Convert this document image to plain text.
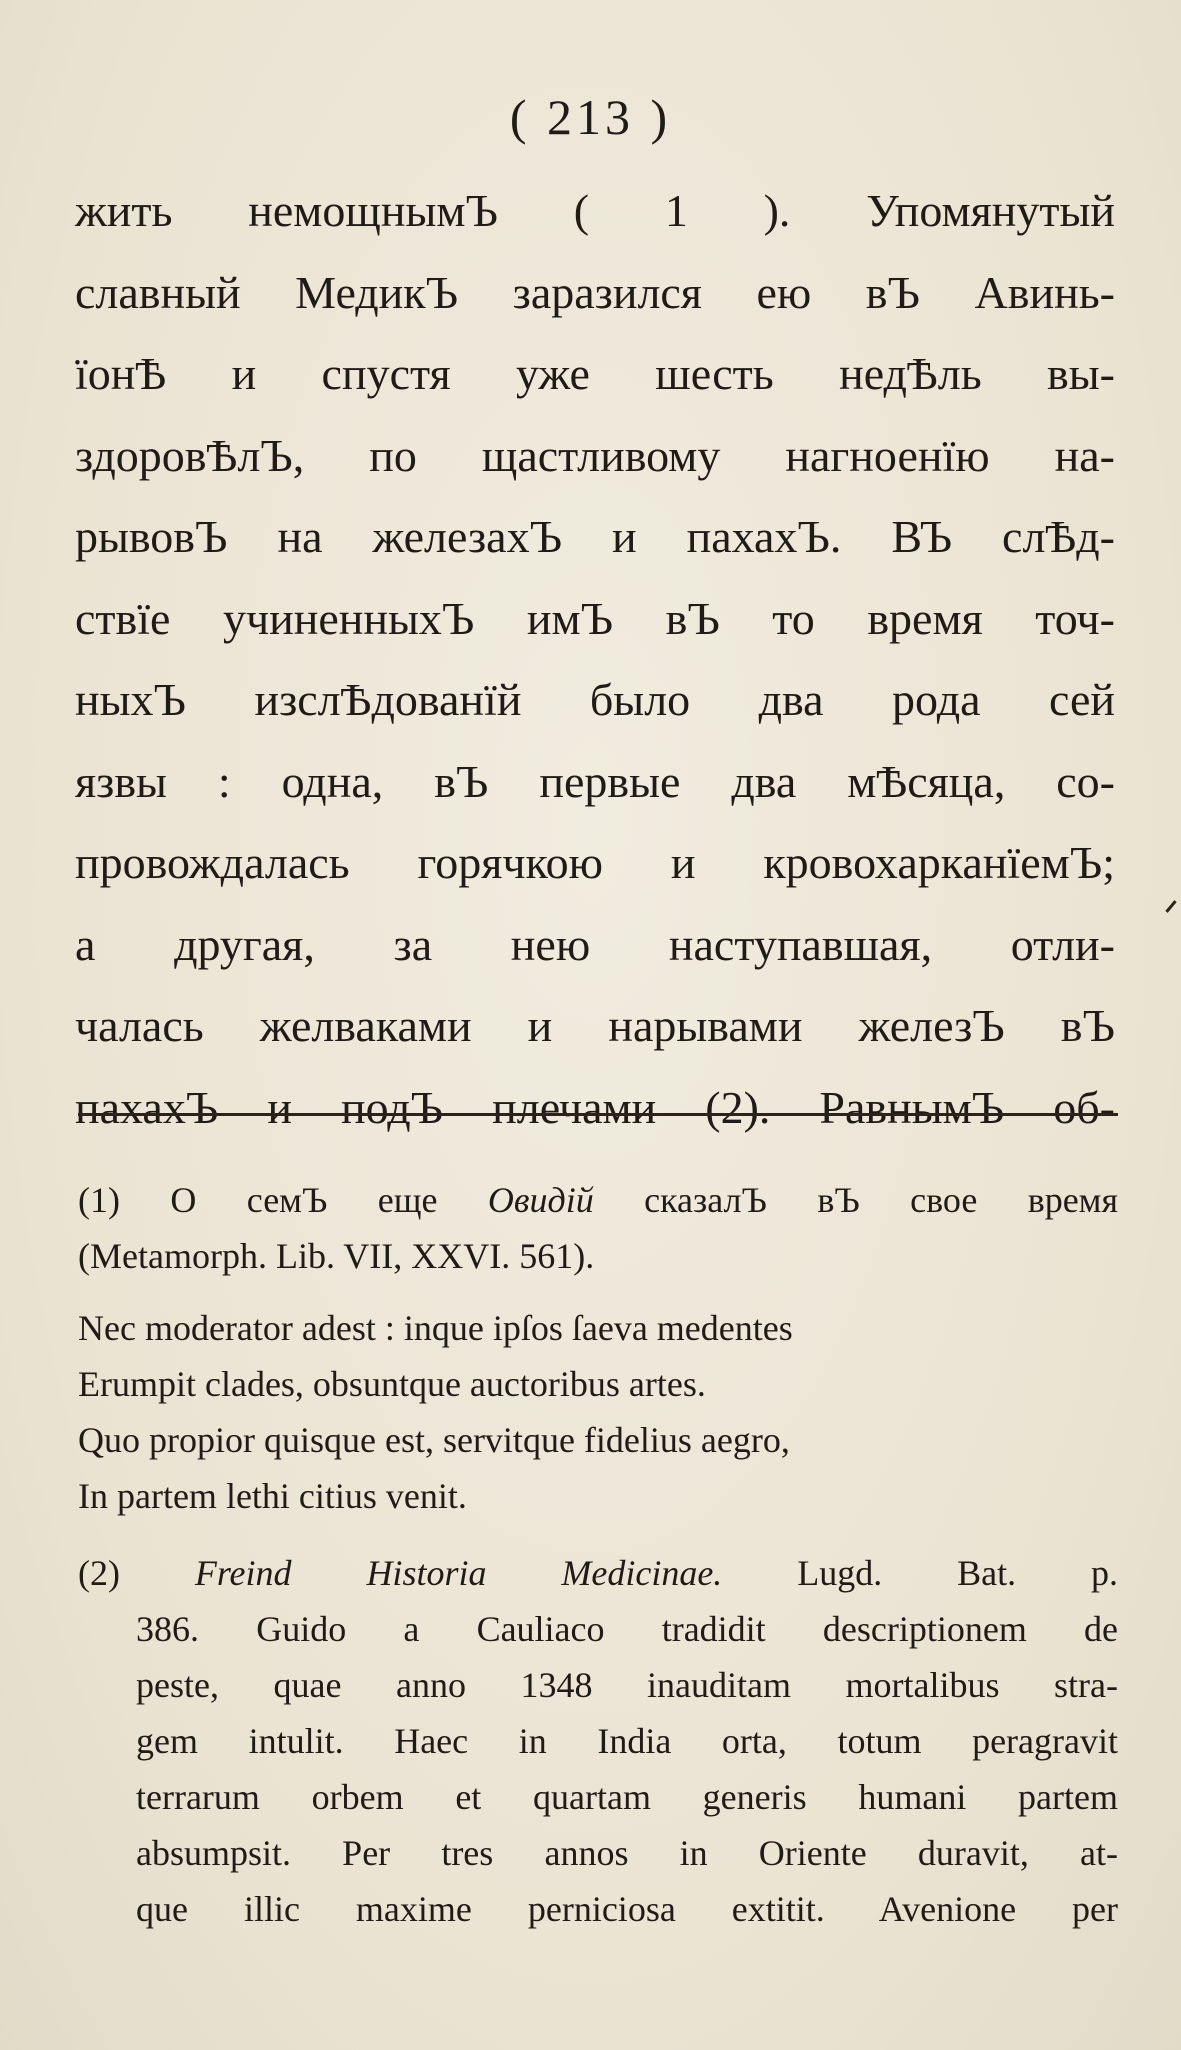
( 213 )
жить немощнымЪ ( 1 ). Упомянутый
славный МедикЪ заразился ею вЪ Авинь-
їонѢ и спустя уже шесть недѢль вы-
здоровѢлЪ, по щастливому нагноенїю на-
рывовЪ на железахЪ и пахахЪ. ВЪ слѢд-
ствїе учиненныхЪ имЪ вЪ то время точ-
ныхЪ изслѢдованїй было два рода сей
язвы : одна, вЪ первые два мѢсяца, со-
провождалась горячкою и кровохарканїемЪ;
а другая, за нею наступавшая, отли-
чалась желваками и нарывами железЪ вЪ
пахахЪ и подЪ плечами (2). РавнымЪ об-
(1) О семЪ еще Овидiй сказалЪ вЪ свое время
(Metamorph. Lib. VII, XXVI. 561).
Nec moderator adest : inque ipſos ſaeva medentes
Erumpit clades, obsuntque auctoribus artes.
Quo propior quisque est, servitque fidelius aegro,
In partem lethi citius venit.
(2) Freind Historia Medicinae. Lugd. Bat. p.
386. Guido a Cauliaco tradidit descriptionem de
peste, quae anno 1348 inauditam mortalibus stra-
gem intulit. Haec in India orta, totum peragravit
terrarum orbem et quartam generis humani partem
absumpsit. Per tres annos in Oriente duravit, at-
que illic maxime perniciosa extitit. Avenione per
